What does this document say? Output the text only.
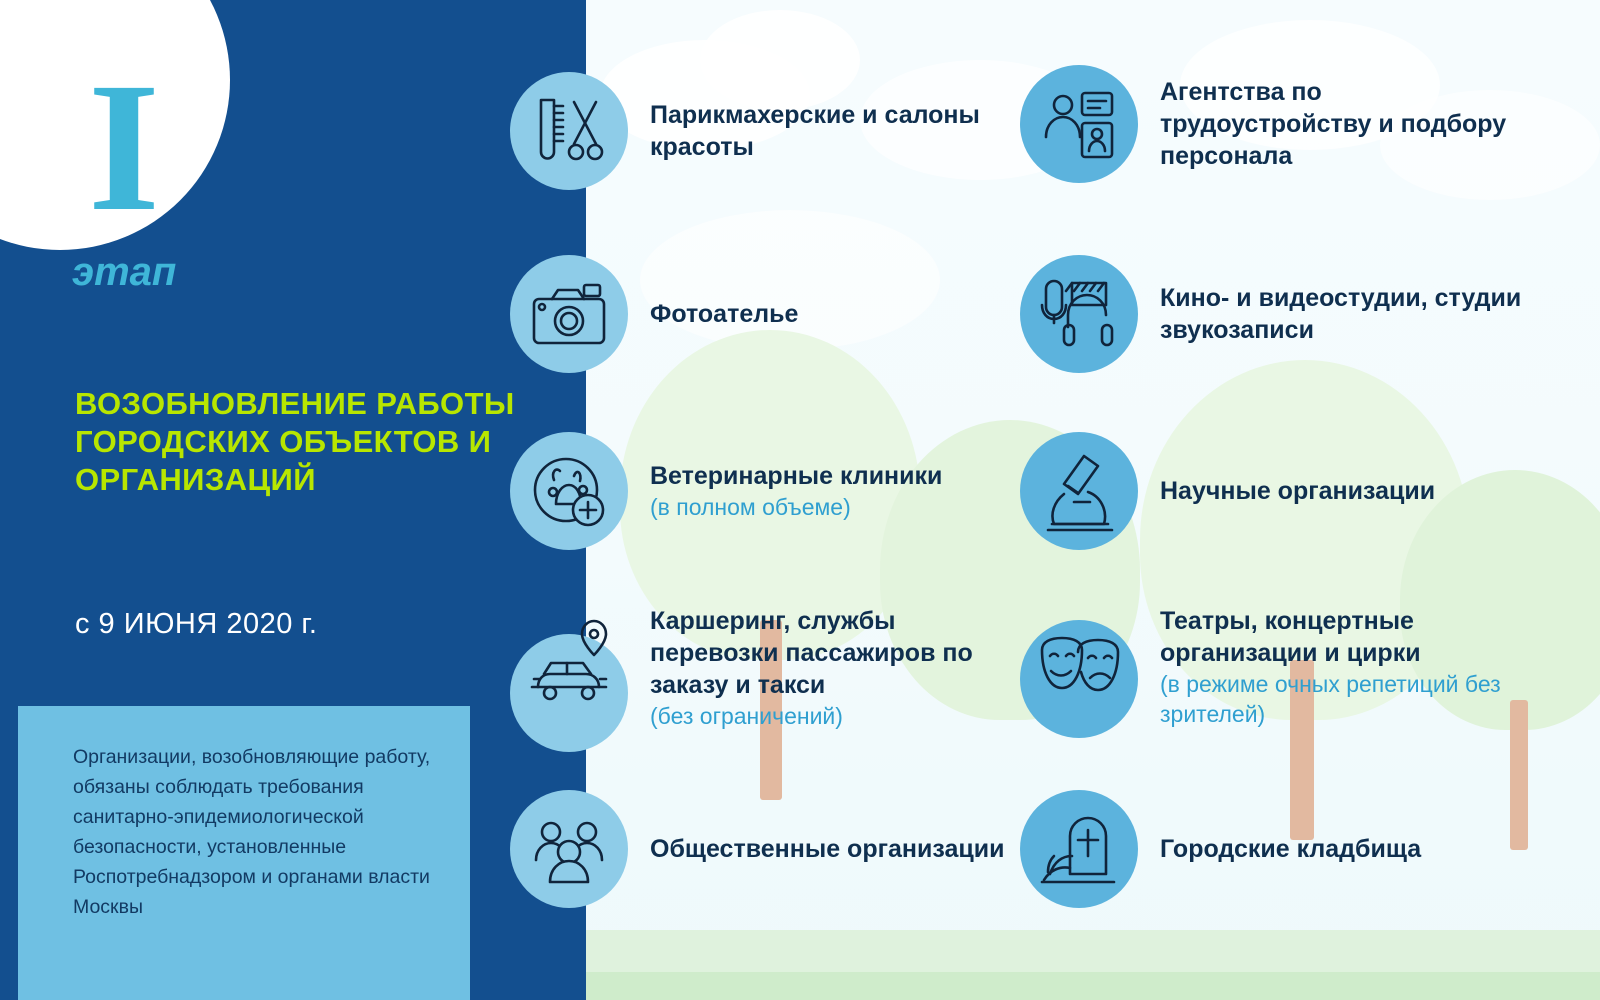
I
этап
ВОЗОБНОВЛЕНИЕ РАБОТЫ ГОРОДСКИХ ОБЪЕКТОВ И ОРГАНИЗАЦИЙ
с 9 ИЮНЯ 2020 г.
Организации, возобновляющие работу, обязаны соблюдать требования санитарно-эпидемиологической безопасности, установленные Роспотребнадзором и органами власти Москвы
Парикмахерские и салоны красоты
Фотоателье
Ветеринарные клиники
(в полном объеме)
Каршеринг, службы перевозки пассажиров по заказу и такси
(без ограничений)
Общественные организации
Агентства по трудоустройству и подбору персонала
Кино- и видеостудии, студии звукозаписи
Научные организации
Театры, концертные организации и цирки
(в режиме очных репетиций без зрителей)
Городские кладбища
